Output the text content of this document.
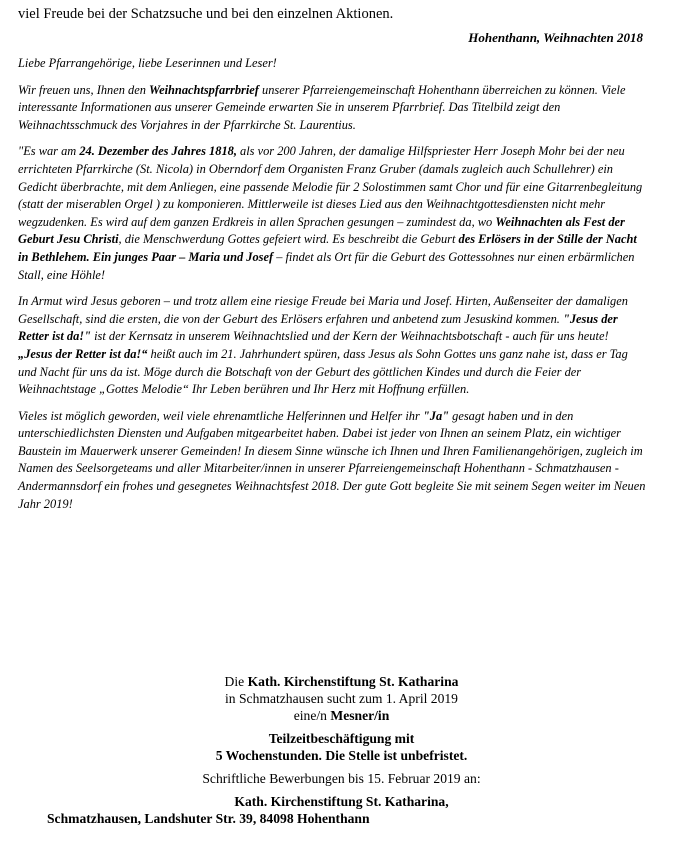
viel Freude bei der Schatzsuche und bei den einzelnen Aktionen.
Hohenthann, Weihnachten 2018

Liebe Pfarrangehörige, liebe Leserinnen und Leser!

Wir freuen uns, Ihnen den Weihnachtspfarrbrief unserer Pfarreiengemeinschaft Hohenthann überreichen zu können. Viele interessante Informationen aus unserer Gemeinde erwarten Sie in unserem Pfarrbrief. Das Titelbild zeigt den Weihnachtsschmuck des Vorjahres in der Pfarrkirche St. Laurentius.

"Es war am 24. Dezember des Jahres 1818, als vor 200 Jahren, der damalige Hilfspriester Herr Joseph Mohr bei der neu errichteten Pfarrkirche (St. Nicola) in Oberndorf dem Organisten Franz Gruber (damals zugleich auch Schullehrer) ein Gedicht überbrachte, mit dem Anliegen, eine passende Melodie für 2 Solostimmen samt Chor und für eine Gitarrenbegleitung (statt der miserablen Orgel ) zu komponieren. Mittlerweile ist dieses Lied aus den Weihnachtgottesdiensten nicht mehr wegzudenken. Es wird auf dem ganzen Erdkreis in allen Sprachen gesungen – zumindest da, wo Weihnachten als Fest der Geburt Jesu Christi, die Menschwerdung Gottes gefeiert wird. Es beschreibt die Geburt des Erlösers in der Stille der Nacht in Bethlehem. Ein junges Paar – Maria und Josef – findet als Ort für die Geburt des Gottessohnes nur einen erbärmlichen Stall, eine Höhle!

In Armut wird Jesus geboren – und trotz allem eine riesige Freude bei Maria und Josef. Hirten, Außenseiter der damaligen Gesellschaft, sind die ersten, die von der Geburt des Erlösers erfahren und anbetend zum Jesuskind kommen. "Jesus der Retter ist da!" ist der Kernsatz in unserem Weihnachtslied und der Kern der Weihnachtsbotschaft - auch für uns heute! „Jesus der Retter ist da!“ heißt auch im 21. Jahrhundert spüren, dass Jesus als Sohn Gottes uns ganz nahe ist, dass er Tag und Nacht für uns da ist. Möge durch die Botschaft von der Geburt des göttlichen Kindes und durch die Feier der Weihnachtstage „Gottes Melodie“ Ihr Leben berühren und Ihr Herz mit Hoffnung erfüllen.

Vieles ist möglich geworden, weil viele ehrenamtliche Helferinnen und Helfer ihr "Ja" gesagt haben und in den unterschiedlichsten Diensten und Aufgaben mitgearbeitet haben. Dabei ist jeder von Ihnen an seinem Platz, ein wichtiger Baustein im Mauerwerk unserer Gemeinden! In diesem Sinne wünsche ich Ihnen und Ihren Familienangehörigen, zugleich im Namen des Seelsorgeteams und aller Mitarbeiter/innen in unserer Pfarreiengemeinschaft Hohenthann - Schmatzhausen - Andermannsdorf ein frohes und gesegnetes Weihnachtsfest 2018. Der gute Gott begleite Sie mit seinem Segen weiter im Neuen Jahr 2019!

Die Kath. Kirchenstiftung St. Katharina
in Schmatzhausen sucht zum 1. April 2019
eine/n Mesner/in
Teilzeitbeschäftigung mit
5 Wochenstunden. Die Stelle ist unbefristet.
Schriftliche Bewerbungen bis 15. Februar 2019 an:
Kath. Kirchenstiftung St. Katharina,
Schmatzhausen, Landshuter Str. 39, 84098 Hohenthann
